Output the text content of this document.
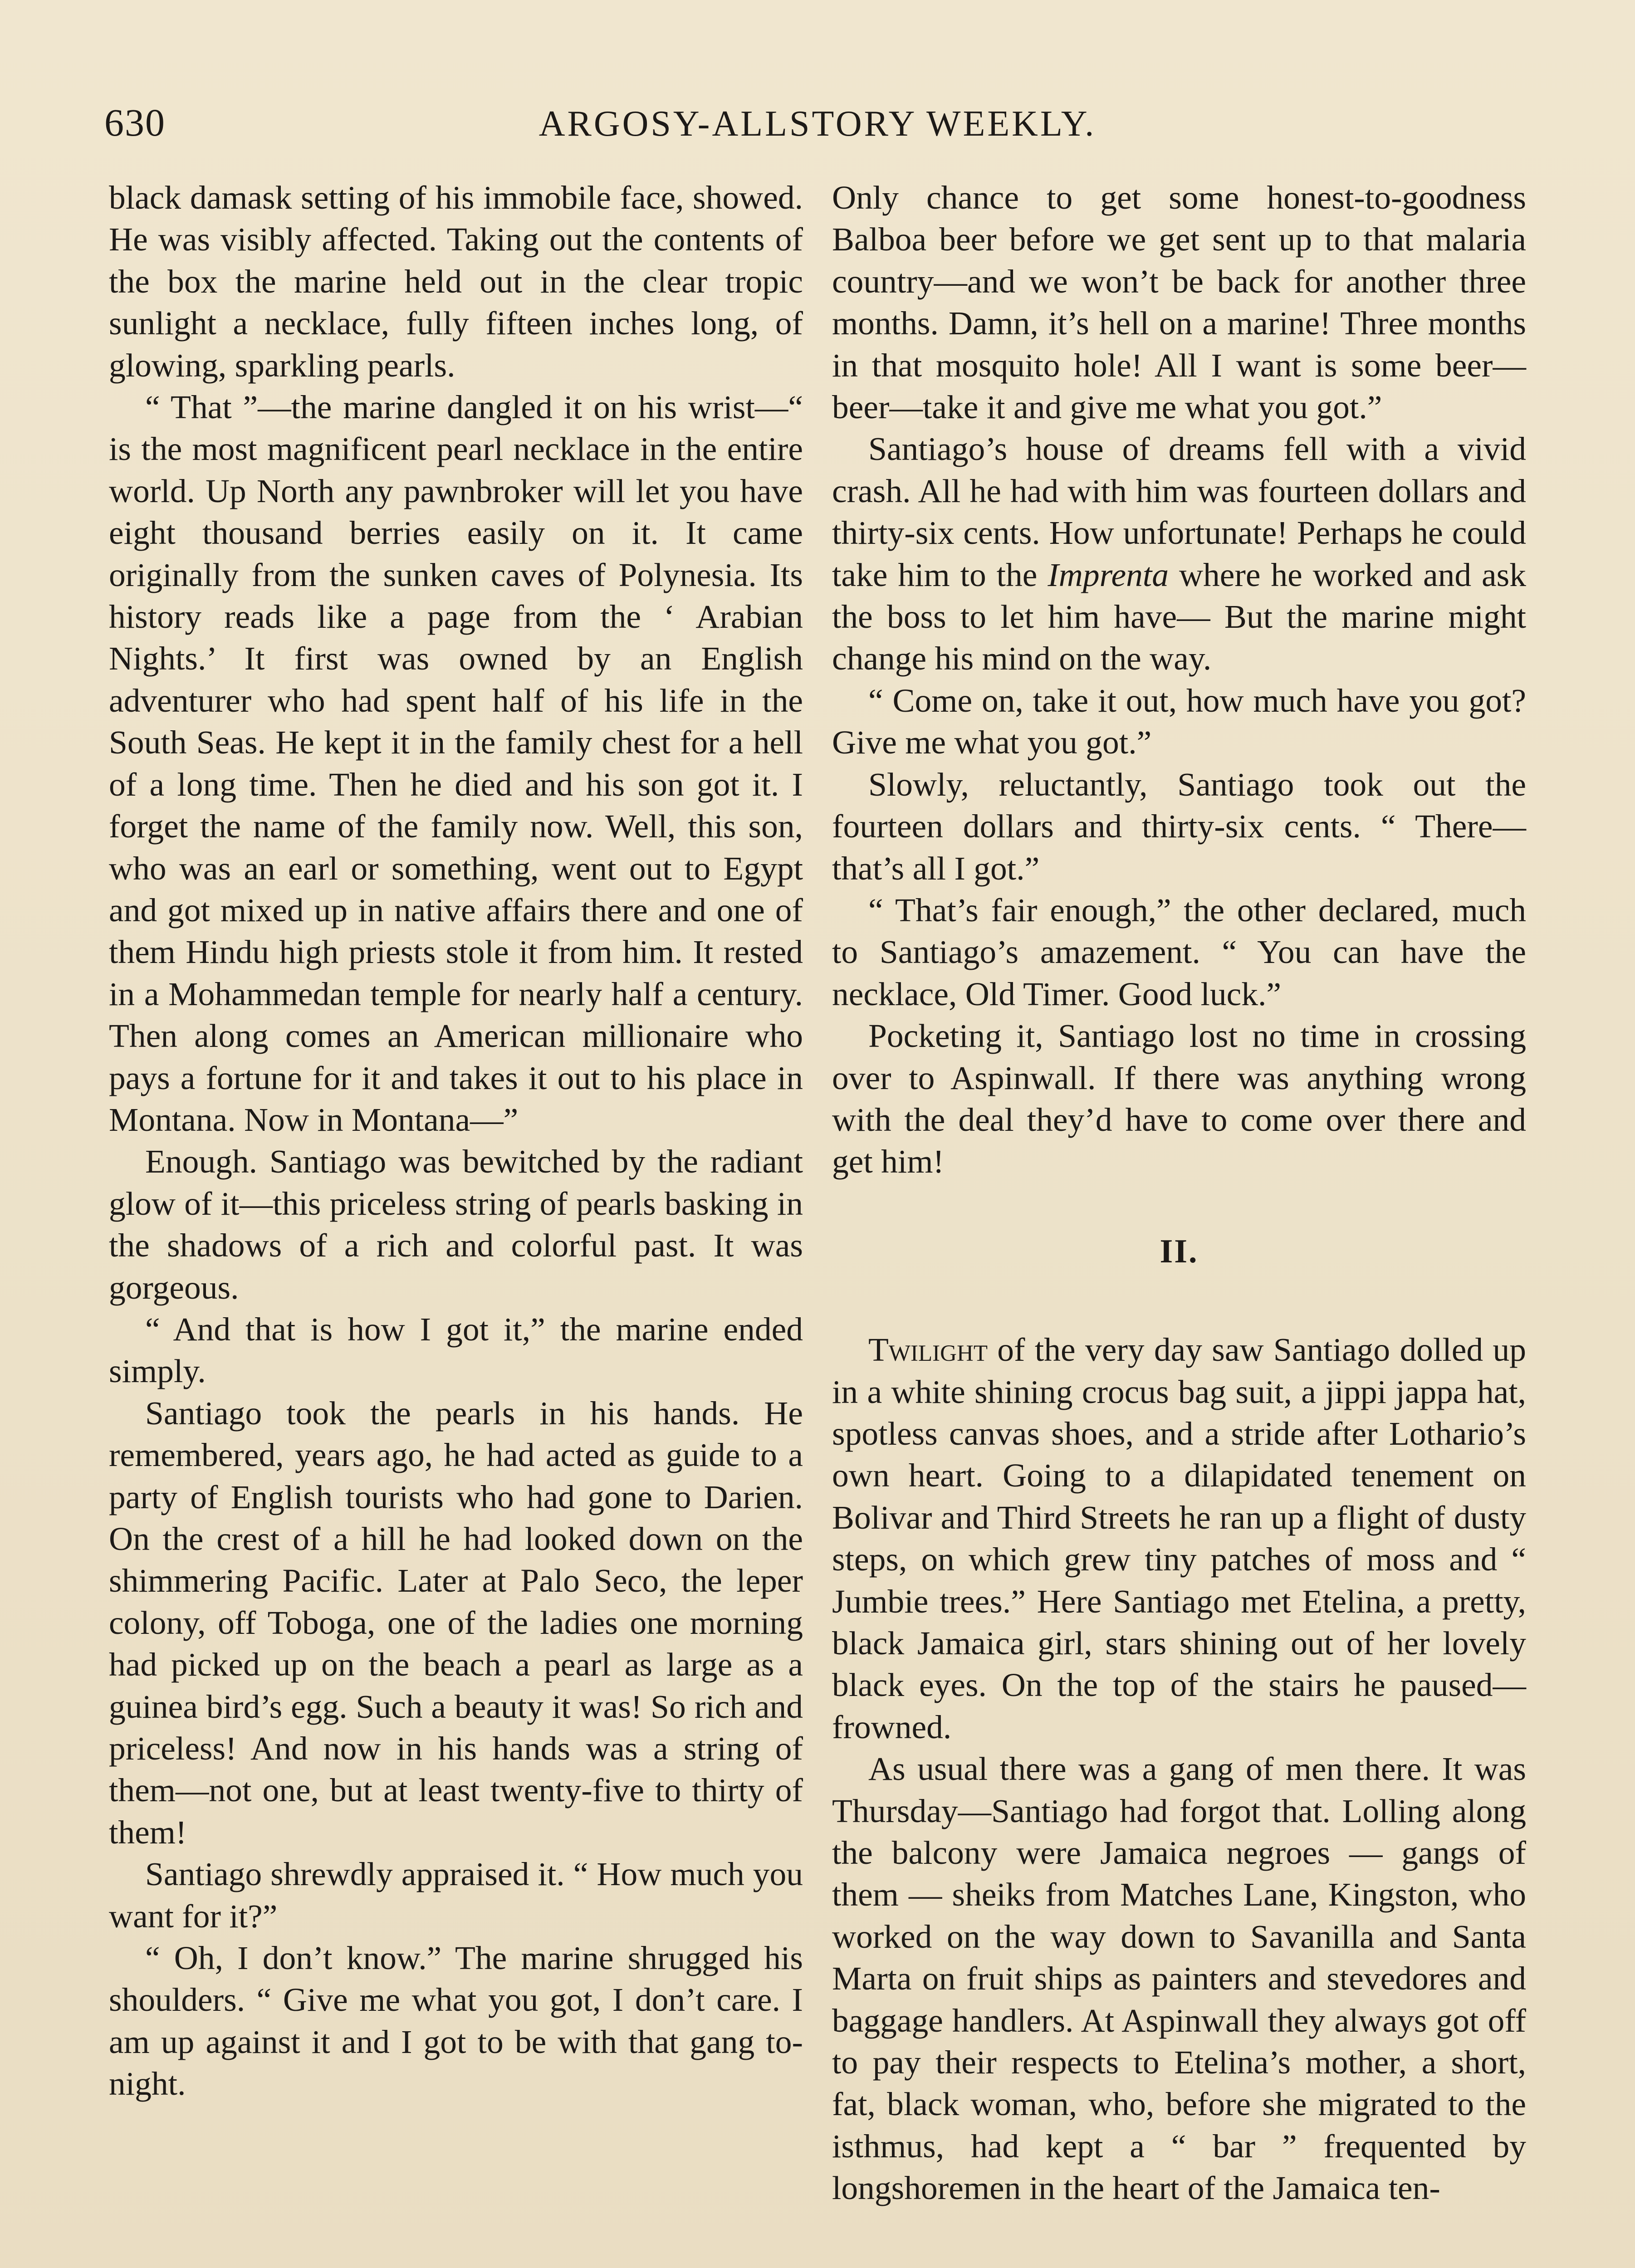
630	ARGOSY-ALLSTORY WEEKLY.

black damask setting of his immobile face, showed. He was visibly affected. Taking out the contents of the box the marine held out in the clear tropic sunlight a necklace, fully fifteen inches long, of glowing, sparkling pearls.

“ That ”—the marine dangled it on his wrist—“ is the most magnificent pearl necklace in the entire world. Up North any pawnbroker will let you have eight thousand berries easily on it. It came originally from the sunken caves of Polynesia. Its history reads like a page from the ‘ Arabian Nights.’ It first was owned by an English adventurer who had spent half of his life in the South Seas. He kept it in the family chest for a hell of a long time. Then he died and his son got it. I forget the name of the family now. Well, this son, who was an earl or something, went out to Egypt and got mixed up in native affairs there and one of them Hindu high priests stole it from him. It rested in a Mohammedan temple for nearly half a century. Then along comes an American millionaire who pays a fortune for it and takes it out to his place in Montana. Now in Montana—”

Enough. Santiago was bewitched by the radiant glow of it—this priceless string of pearls basking in the shadows of a rich and colorful past. It was gorgeous.

“ And that is how I got it,” the marine ended simply.

Santiago took the pearls in his hands. He remembered, years ago, he had acted as guide to a party of English tourists who had gone to Darien. On the crest of a hill he had looked down on the shimmering Pacific. Later at Palo Seco, the leper colony, off Toboga, one of the ladies one morning had picked up on the beach a pearl as large as a guinea bird’s egg. Such a beauty it was! So rich and priceless! And now in his hands was a string of them—not one, but at least twenty-five to thirty of them!

Santiago shrewdly appraised it. “ How much you want for it?”

“ Oh, I don’t know.” The marine shrugged his shoulders. “ Give me what you got, I don’t care. I am up against it and I got to be with that gang to-night.

Only chance to get some honest-to-goodness Balboa beer before we get sent up to that malaria country—and we won’t be back for another three months. Damn, it’s hell on a marine! Three months in that mosquito hole! All I want is some beer—beer—take it and give me what you got.”

Santiago’s house of dreams fell with a vivid crash. All he had with him was fourteen dollars and thirty-six cents. How unfortunate! Perhaps he could take him to the Imprenta where he worked and ask the boss to let him have— But the marine might change his mind on the way.

“ Come on, take it out, how much have you got? Give me what you got.”

Slowly, reluctantly, Santiago took out the fourteen dollars and thirty-six cents. “ There—that’s all I got.”

“ That’s fair enough,” the other declared, much to Santiago’s amazement. “ You can have the necklace, Old Timer. Good luck.”

Pocketing it, Santiago lost no time in crossing over to Aspinwall. If there was anything wrong with the deal they’d have to come over there and get him!

II.

Twilight of the very day saw Santiago dolled up in a white shining crocus bag suit, a jippi jappa hat, spotless canvas shoes, and a stride after Lothario’s own heart. Going to a dilapidated tenement on Bolivar and Third Streets he ran up a flight of dusty steps, on which grew tiny patches of moss and “ Jumbie trees.” Here Santiago met Etelina, a pretty, black Jamaica girl, stars shining out of her lovely black eyes. On the top of the stairs he paused—frowned.

As usual there was a gang of men there. It was Thursday—Santiago had forgot that. Lolling along the balcony were Jamaica negroes — gangs of them — sheiks from Matches Lane, Kingston, who worked on the way down to Savanilla and Santa Marta on fruit ships as painters and stevedores and baggage handlers. At Aspinwall they always got off to pay their respects to Etelina’s mother, a short, fat, black woman, who, before she migrated to the isthmus, had kept a “ bar ” frequented by longshoremen in the heart of the Jamaica ten-
